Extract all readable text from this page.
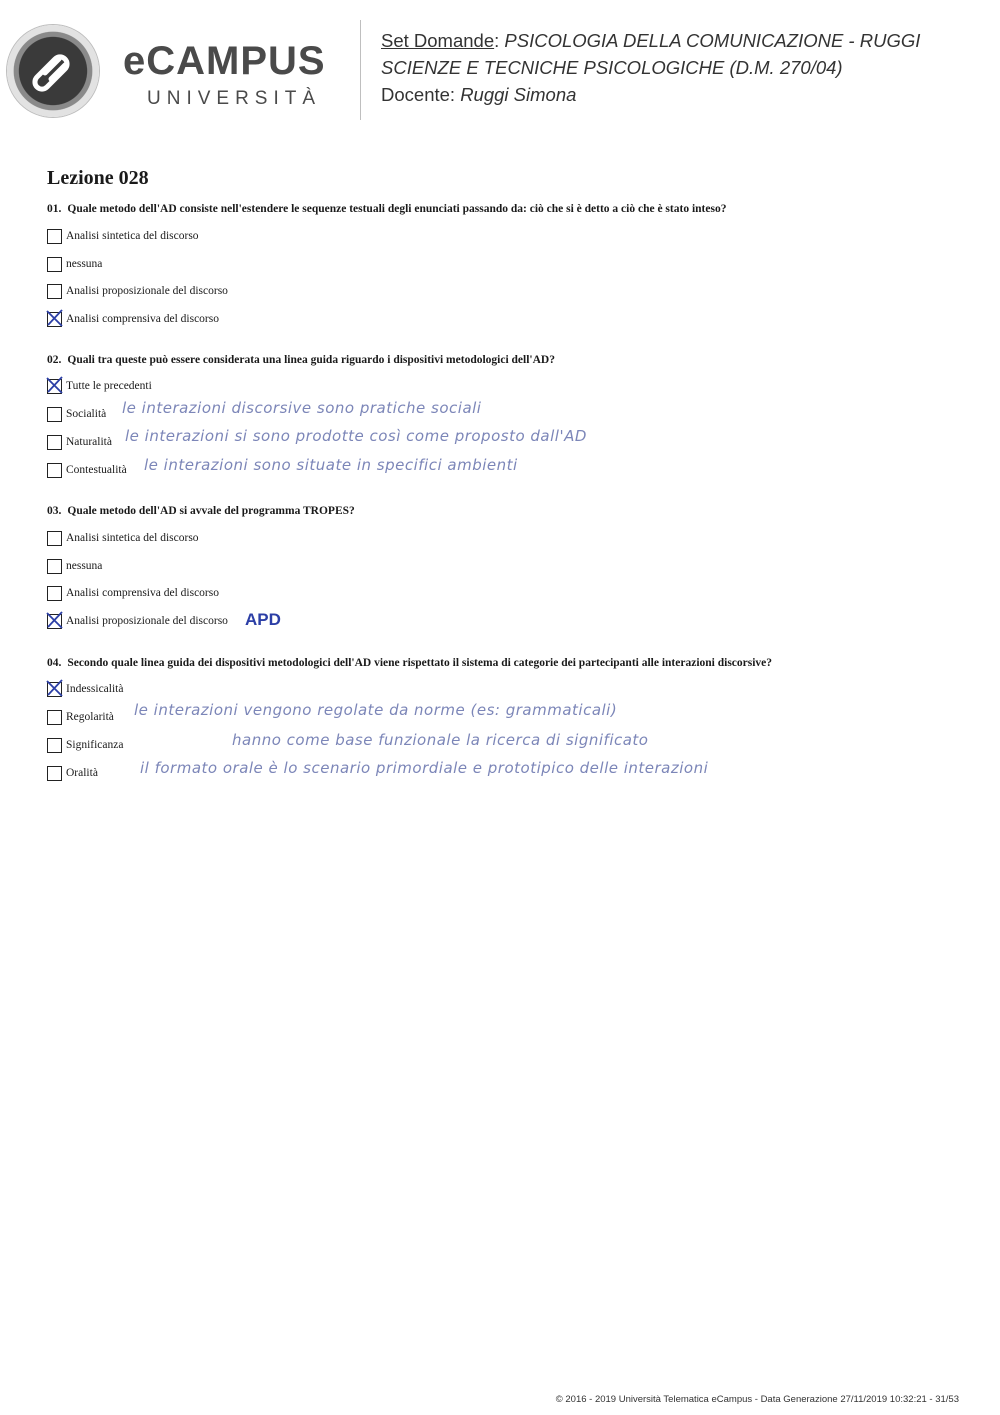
eCAMPUS
UNIVERSITÀ
Set Domande: PSICOLOGIA DELLA COMUNICAZIONE - RUGGI
SCIENZE E TECNICHE PSICOLOGICHE (D.M. 270/04)
Docente: Ruggi Simona
Lezione 028
01. Quale metodo dell'AD consiste nell'estendere le sequenze testuali degli enunciati passando da: ciò che si è detto a ciò che è stato inteso?
Analisi sintetica del discorso
nessuna
Analisi proposizionale del discorso
Analisi comprensiva del discorso
02. Quali tra queste può essere considerata una linea guida riguardo i dispositivi metodologici dell'AD?
Tutte le precedenti
Socialità le interazioni discorsive sono pratiche sociali
Naturalità le interazioni si sono prodotte così come proposto dall'AD
Contestualità le interazioni sono situate in specifici ambienti
03. Quale metodo dell'AD si avvale del programma TROPES?
Analisi sintetica del discorso
nessuna
Analisi comprensiva del discorso
Analisi proposizionale del discorso APD
04. Secondo quale linea guida dei dispositivi metodologici dell'AD viene rispettato il sistema di categorie dei partecipanti alle interazioni discorsive?
Indessicalità
Regolarità le interazioni vengono regolate da norme (es: grammaticali)
Significanza	hanno come base funzionale la ricerca di significato
Oralità	il formato orale è lo scenario primordiale e prototipico delle interazioni
© 2016 - 2019 Università Telematica eCampus - Data Generazione 27/11/2019 10:32:21 - 31/53
